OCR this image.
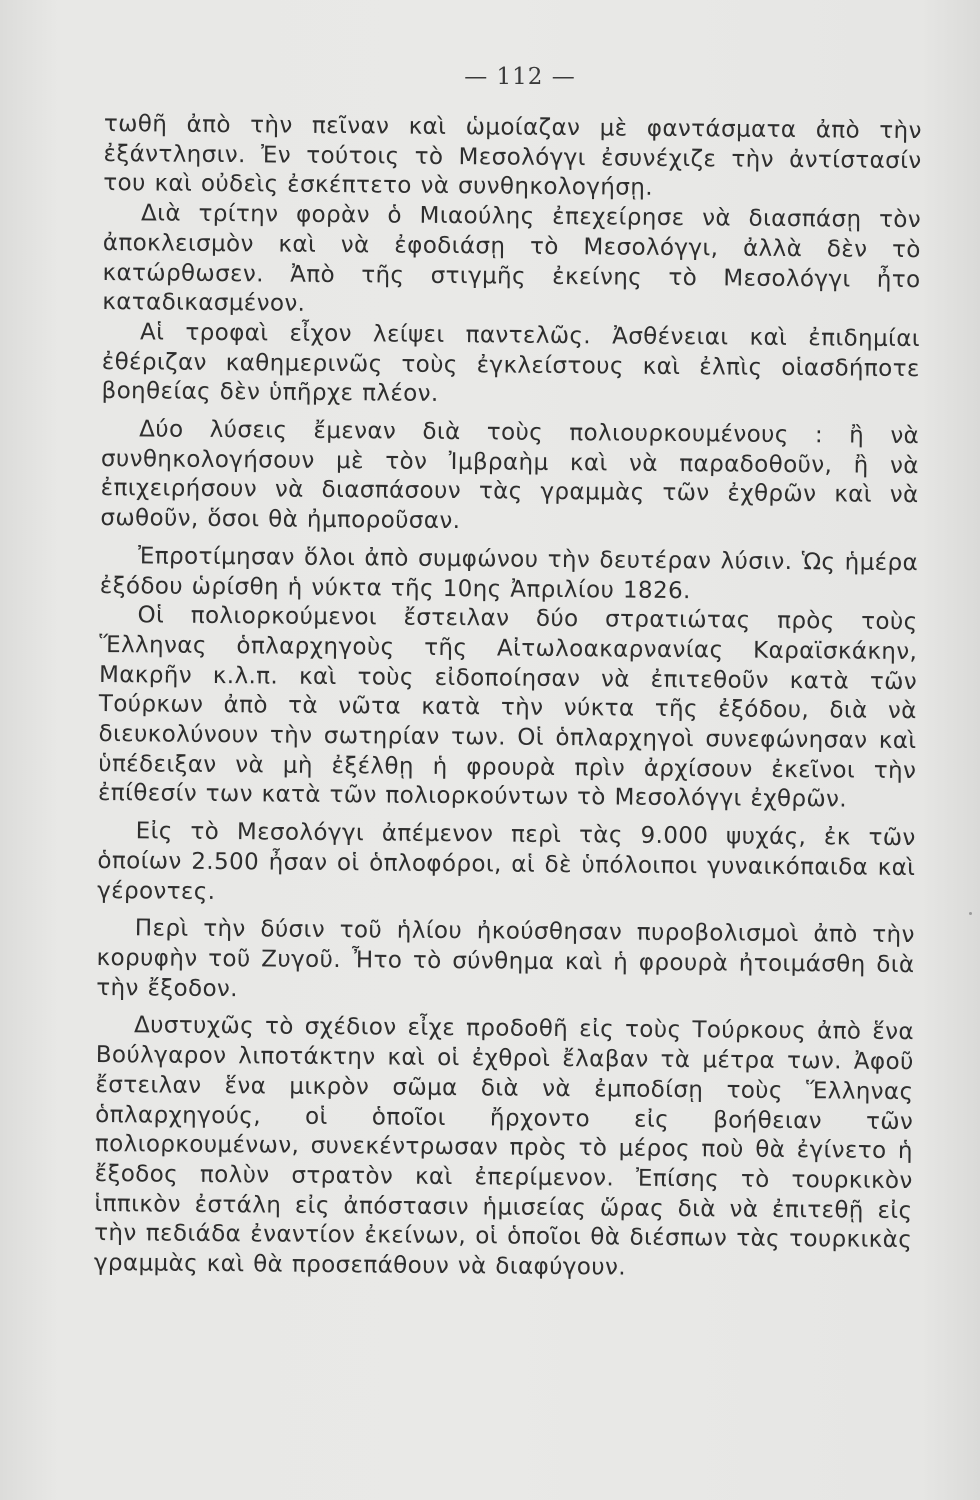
— 112 —

τωθῆ ἀπὸ τὴν πεῖναν καὶ ὡμοίαζαν μὲ φαντάσματα ἀπὸ τὴν ἐξάντλησιν. Ἐν τούτοις τὸ Μεσολόγγι ἐσυνέχιζε τὴν ἀντίστασίν του καὶ οὐδεὶς ἐσκέπτετο νὰ συνθηκολογήσῃ.

Διὰ τρίτην φορὰν ὁ Μιαούλης ἐπεχείρησε νὰ διασπάσῃ τὸν ἀποκλεισμὸν καὶ νὰ ἐφοδιάσῃ τὸ Μεσολόγγι, ἀλλὰ δὲν τὸ κατώρθωσεν. Ἀπὸ τῆς στιγμῆς ἐκείνης τὸ Μεσολόγγι ἦτο καταδικασμένον.

Αἱ τροφαὶ εἶχον λείψει παντελῶς. Ἀσθένειαι καὶ ἐπιδημίαι ἐθέριζαν καθημερινῶς τοὺς ἐγκλείστους καὶ ἐλπὶς οἱασδήποτε βοηθείας δὲν ὑπῆρχε πλέον.

Δύο λύσεις ἔμεναν διὰ τοὺς πολιουρκουμένους : ἢ νὰ συνθηκολογήσουν μὲ τὸν Ἰμβραὴμ καὶ νὰ παραδοθοῦν, ἢ νὰ ἐπιχειρήσουν νὰ διασπάσουν τὰς γραμμὰς τῶν ἐχθρῶν καὶ νὰ σωθοῦν, ὅσοι θὰ ἠμποροῦσαν.

Ἐπροτίμησαν ὅλοι ἀπὸ συμφώνου τὴν δευτέραν λύσιν. Ὡς ἡμέρα ἐξόδου ὡρίσθη ἡ νύκτα τῆς 10ης Ἀπριλίου 1826.

Οἱ πολιορκούμενοι ἔστειλαν δύο στρατιώτας πρὸς τοὺς Ἕλληνας ὁπλαρχηγοὺς τῆς Αἰτωλοακαρνανίας Καραϊσκάκην, Μακρῆν κ.λ.π. καὶ τοὺς εἰδοποίησαν νὰ ἐπιτεθοῦν κατὰ τῶν Τούρκων ἀπὸ τὰ νῶτα κατὰ τὴν νύκτα τῆς ἐξόδου, διὰ νὰ διευκολύνουν τὴν σωτηρίαν των. Οἱ ὁπλαρχηγοὶ συνεφώνησαν καὶ ὑπέδειξαν νὰ μὴ ἐξέλθῃ ἡ φρουρὰ πρὶν ἀρχίσουν ἐκεῖνοι τὴν ἐπίθεσίν των κατὰ τῶν πολιορκούντων τὸ Μεσολόγγι ἐχθρῶν.

Εἰς τὸ Μεσολόγγι ἀπέμενον περὶ τὰς 9.000 ψυχάς, ἐκ τῶν ὁποίων 2.500 ἦσαν οἱ ὁπλοφόροι, αἱ δὲ ὑπόλοιποι γυναικόπαιδα καὶ γέροντες.

Περὶ τὴν δύσιν τοῦ ἡλίου ἠκούσθησαν πυροβολισμοὶ ἀπὸ τὴν κορυφὴν τοῦ Ζυγοῦ. Ἦτο τὸ σύνθημα καὶ ἡ φρουρὰ ἠτοιμάσθη διὰ τὴν ἔξοδον.

Δυστυχῶς τὸ σχέδιον εἶχε προδοθῆ εἰς τοὺς Τούρκους ἀπὸ ἕνα Βούλγαρον λιποτάκτην καὶ οἱ ἐχθροὶ ἔλαβαν τὰ μέτρα των. Ἀφοῦ ἔστειλαν ἕνα μικρὸν σῶμα διὰ νὰ ἐμποδίσῃ τοὺς Ἕλληνας ὁπλαρχηγούς, οἱ ὁποῖοι ἤρχοντο εἰς βοήθειαν τῶν πολιορκουμένων, συνεκέντρωσαν πρὸς τὸ μέρος ποὺ θὰ ἐγίνετο ἡ ἔξοδος πολὺν στρατὸν καὶ ἐπερίμενον. Ἐπίσης τὸ τουρκικὸν ἱππικὸν ἐστάλη εἰς ἀπόστασιν ἡμισείας ὥρας διὰ νὰ ἐπιτεθῇ εἰς τὴν πεδιάδα ἐναντίον ἐκείνων, οἱ ὁποῖοι θὰ διέσπων τὰς τουρκικὰς γραμμὰς καὶ θὰ προσεπάθουν νὰ διαφύγουν.
